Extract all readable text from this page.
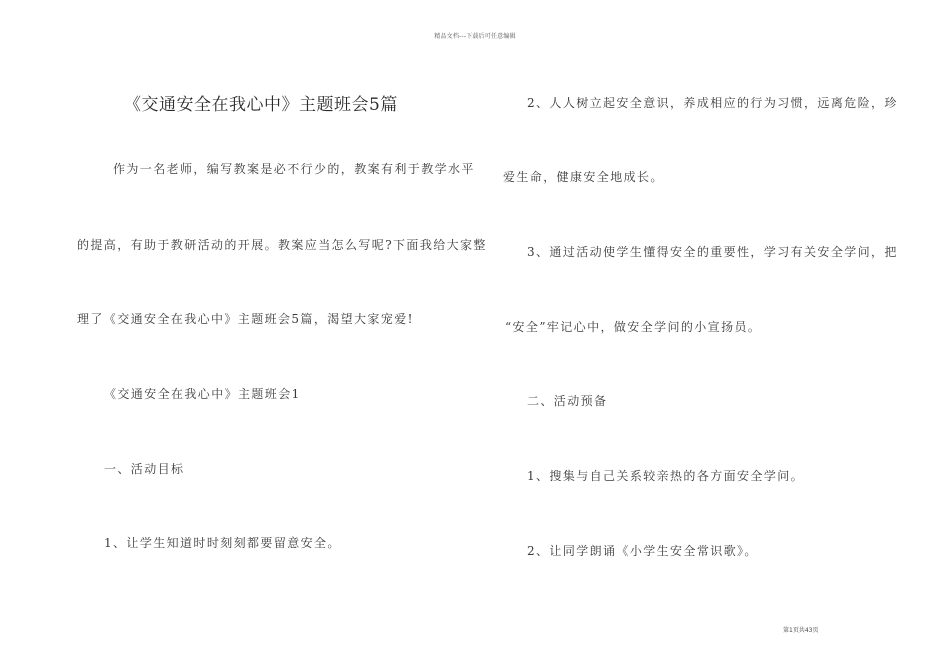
精品文档---下载后可任意编辑
《交通安全在我心中》主题班会5篇
作为一名老师，编写教案是必不行少的，教案有利于教学水平
的提高，有助于教研活动的开展。教案应当怎么写呢?下面我给大家整
理了《交通安全在我心中》主题班会5篇，渴望大家宠爱!
《交通安全在我心中》主题班会1
一、活动目标
1、让学生知道时时刻刻都要留意安全。
2、人人树立起安全意识，养成相应的行为习惯，远离危险，珍
爱生命，健康安全地成长。
3、通过活动使学生懂得安全的重要性，学习有关安全学问，把
“安全”牢记心中，做安全学问的小宣扬员。
二、活动预备
1、搜集与自己关系较亲热的各方面安全学问。
2、让同学朗诵《小学生安全常识歌》。
第1页共43页
